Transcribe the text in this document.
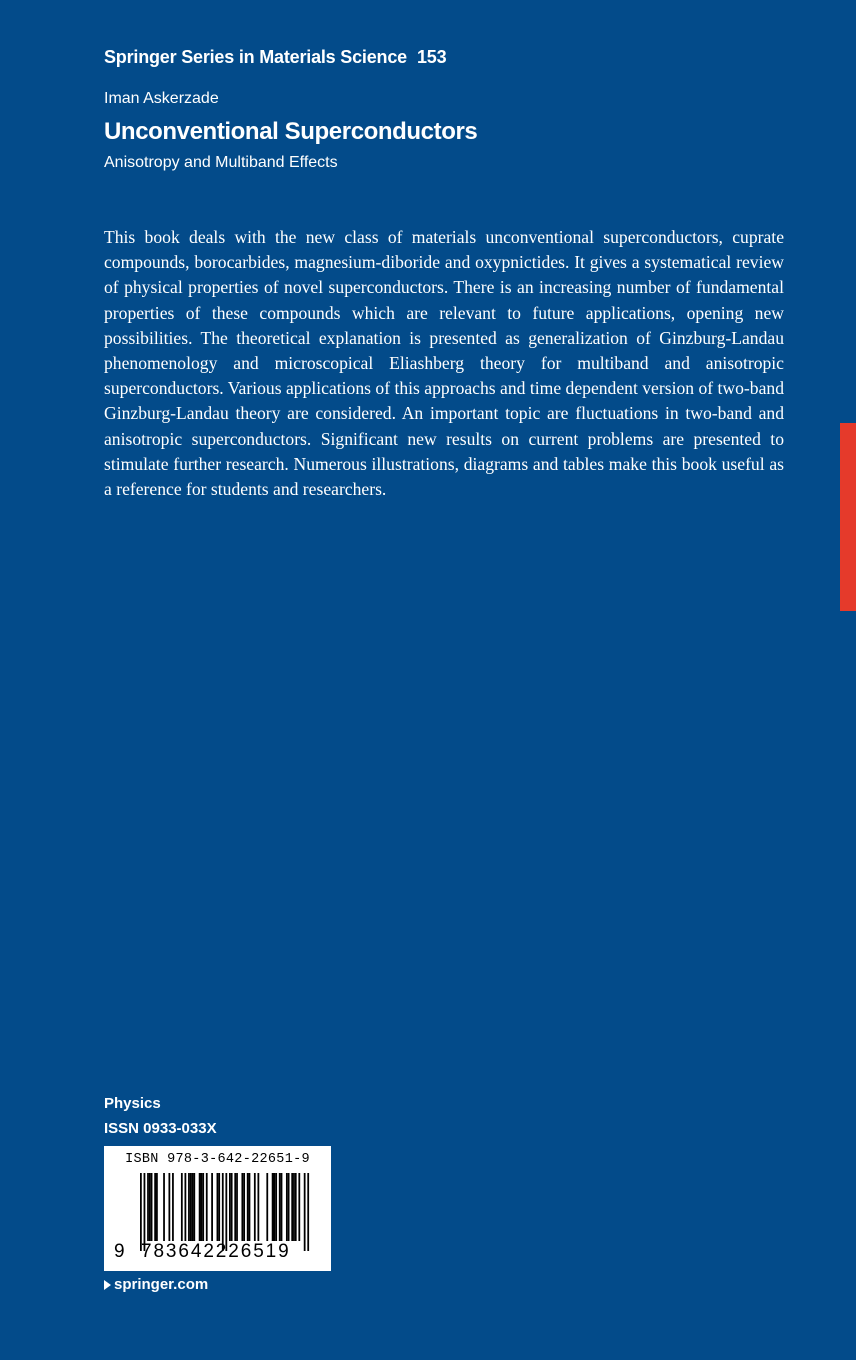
Springer Series in Materials Science 153
Iman Askerzade
Unconventional Superconductors
Anisotropy and Multiband Effects

This book deals with the new class of materials unconventional superconductors, cuprate compounds, borocarbides, magnesium-diboride and oxypnictides. It gives a systematical review of physical properties of novel superconductors. There is an increasing number of fundamental properties of these compounds which are relevant to future applications, opening new possibilities. The theoretical explanation is presented as generalization of Ginzburg-Landau phenomenology and microscopical Eliashberg theory for multiband and anisotropic superconductors. Various applications of this approachs and time dependent version of two-band Ginzburg-Landau theory are considered. An important topic are fluctuations in two-band and anisotropic superconductors. Significant new results on current problems are presented to stimulate further research. Numerous illustrations, diagrams and tables make this book useful as a reference for students and researchers.

Physics
ISSN 0933-033X
ISBN 978-3-642-22651-9
9 783642226519
springer.com
